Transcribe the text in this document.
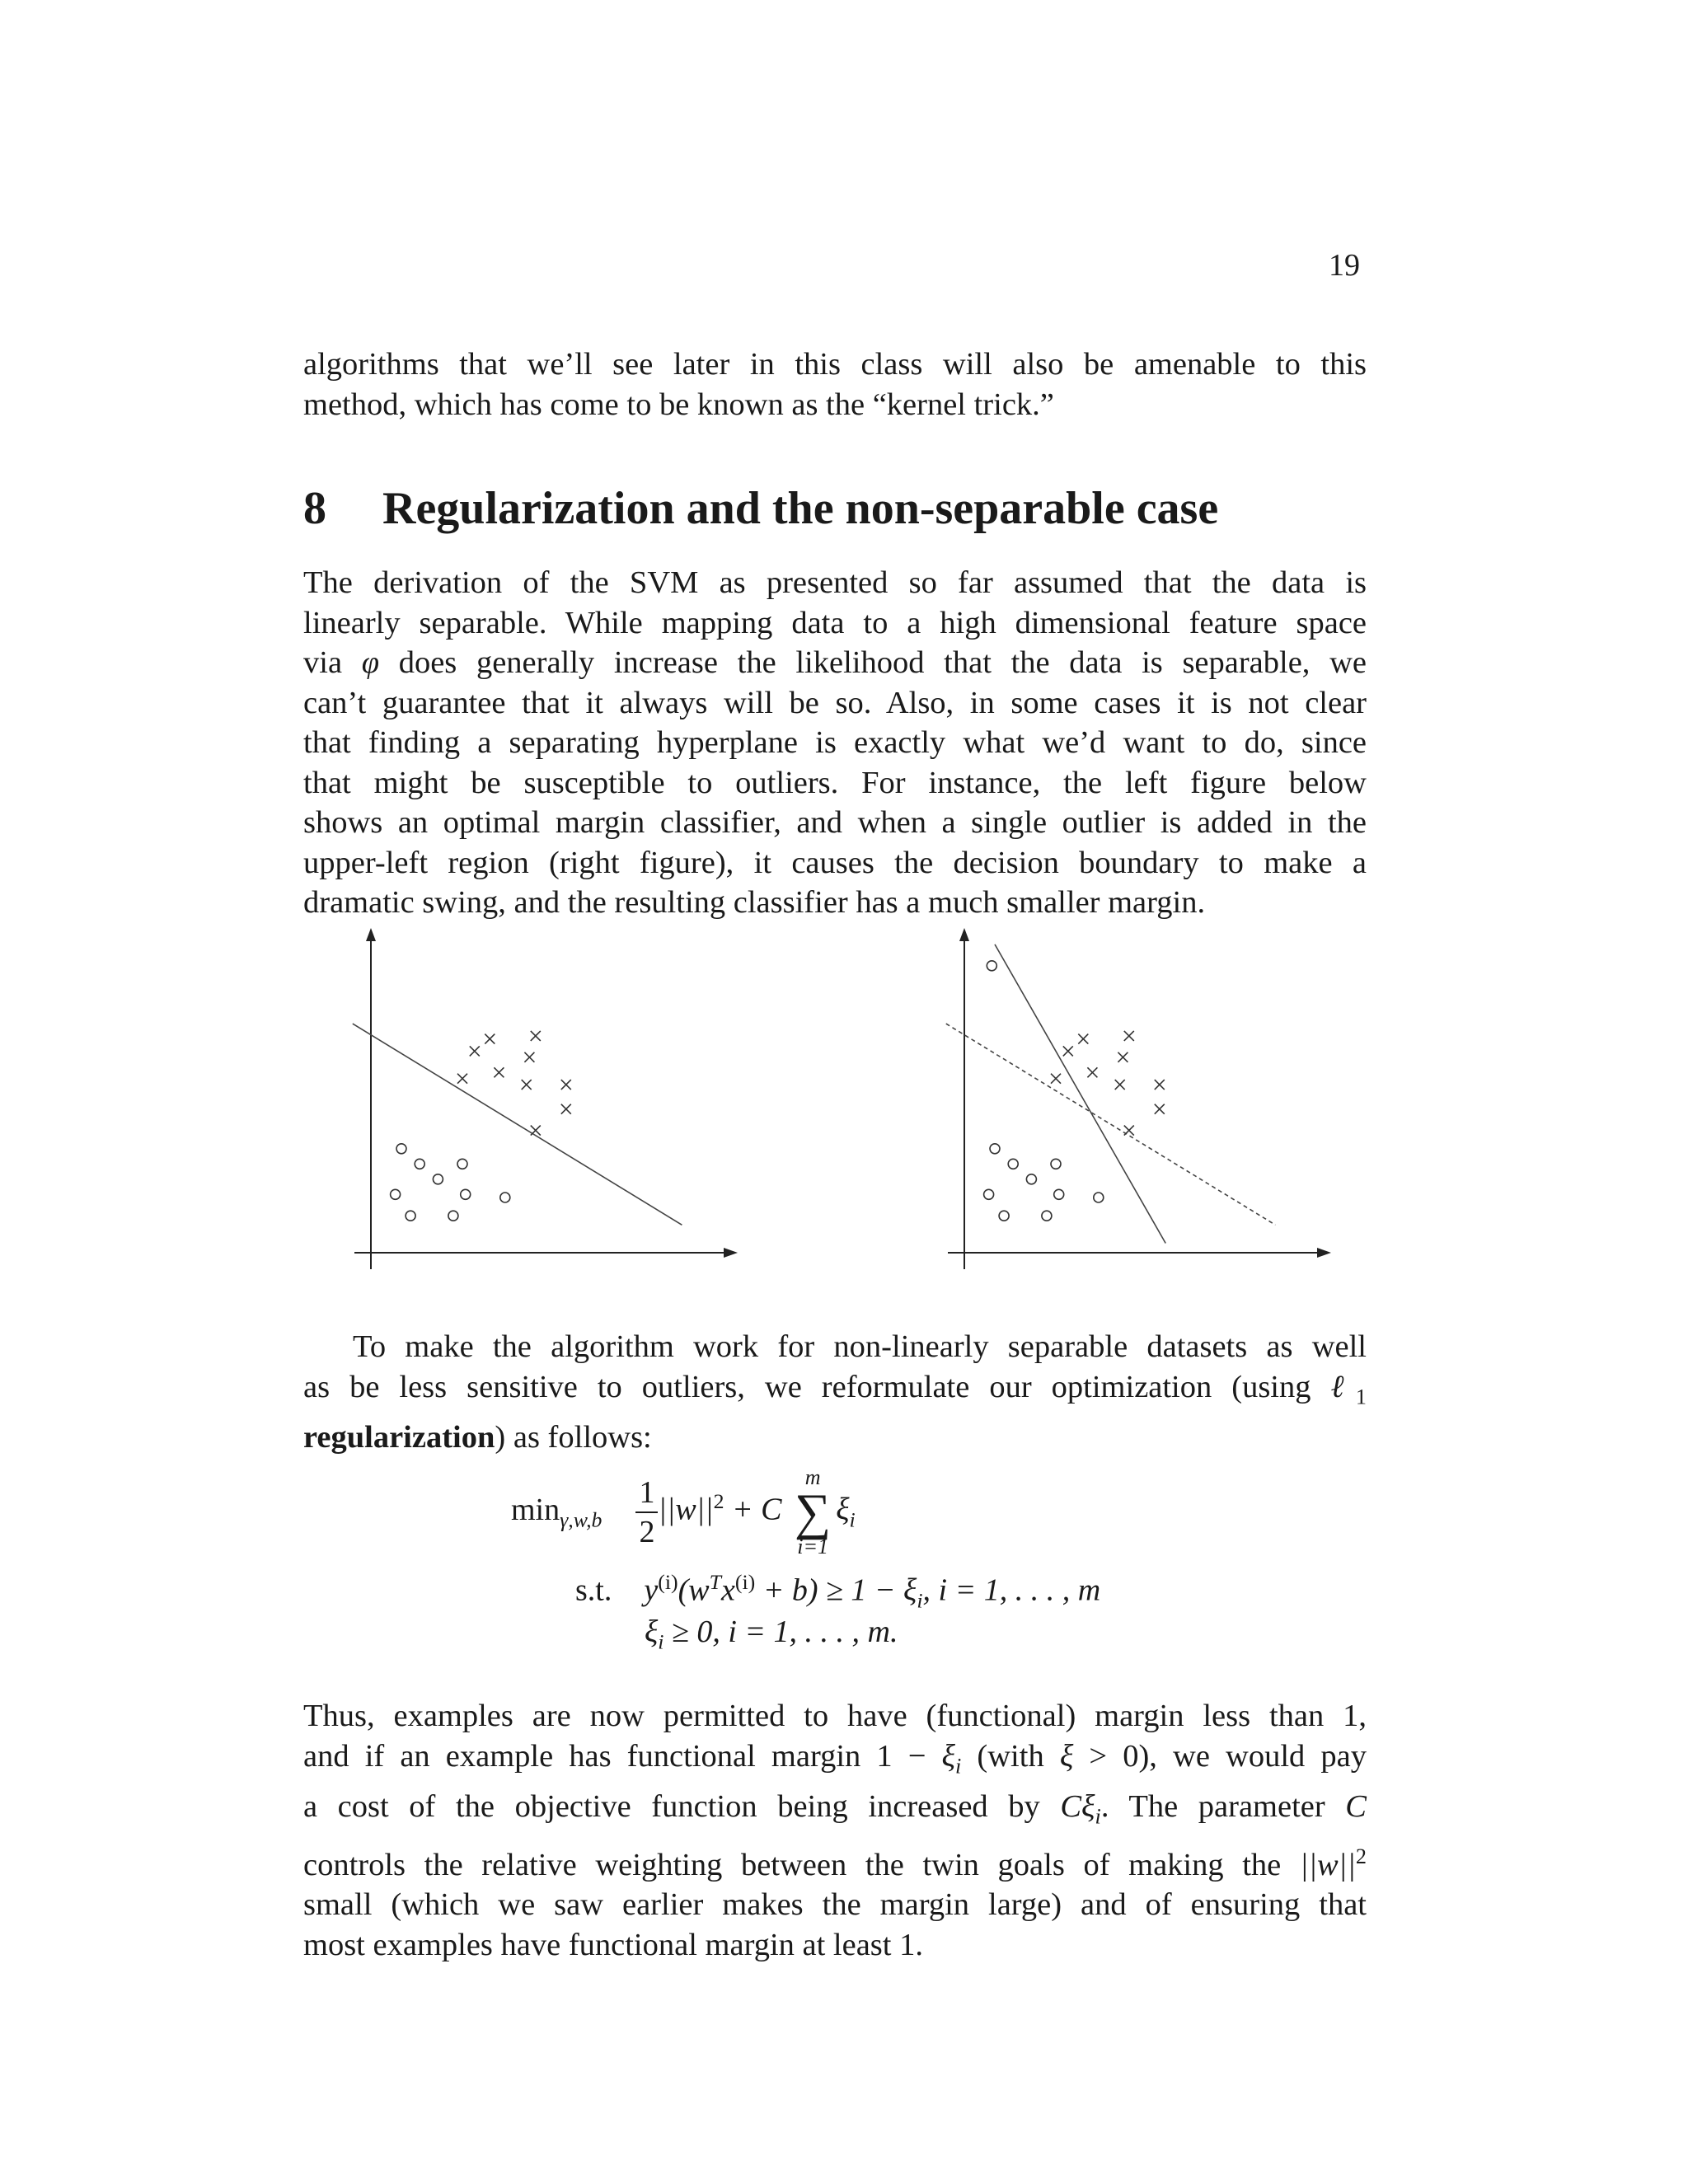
19
algorithms that we’ll see later in this class will also be amenable to this
method, which has come to be known as the “kernel trick.”
8 Regularization and the non-separable case
The derivation of the SVM as presented so far assumed that the data is
linearly separable. While mapping data to a high dimensional feature space
via φ does generally increase the likelihood that the data is separable, we
can’t guarantee that it always will be so. Also, in some cases it is not clear
that finding a separating hyperplane is exactly what we’d want to do, since
that might be susceptible to outliers. For instance, the left figure below
shows an optimal margin classifier, and when a single outlier is added in the
upper-left region (right figure), it causes the decision boundary to make a
dramatic swing, and the resulting classifier has a much smaller margin.
To make the algorithm work for non-linearly separable datasets as well
as be less sensitive to outliers, we reformulate our optimization (using ℓ$_1$
regularization) as follows:
$\min_{\gamma,w,b} \frac{1}{2} ||w||^2 + C$
m
∑
i=1
$\xi_i$
s.t. $y^{(i)}(w^Tx^{(i)} + b) \ge 1 - \xi_i$, i = 1, . . . , m
$\xi_i \ge 0$, i = 1, . . . , m.
Thus, examples are now permitted to have (functional) margin less than 1,
and if an example has functional margin $1 - \xi_i$ (with ξ > 0), we would pay
a cost of the objective function being increased by $C\xi_i$. The parameter C
controls the relative weighting between the twin goals of making the $||w||^2$
small (which we saw earlier makes the margin large) and of ensuring that
most examples have functional margin at least 1.
